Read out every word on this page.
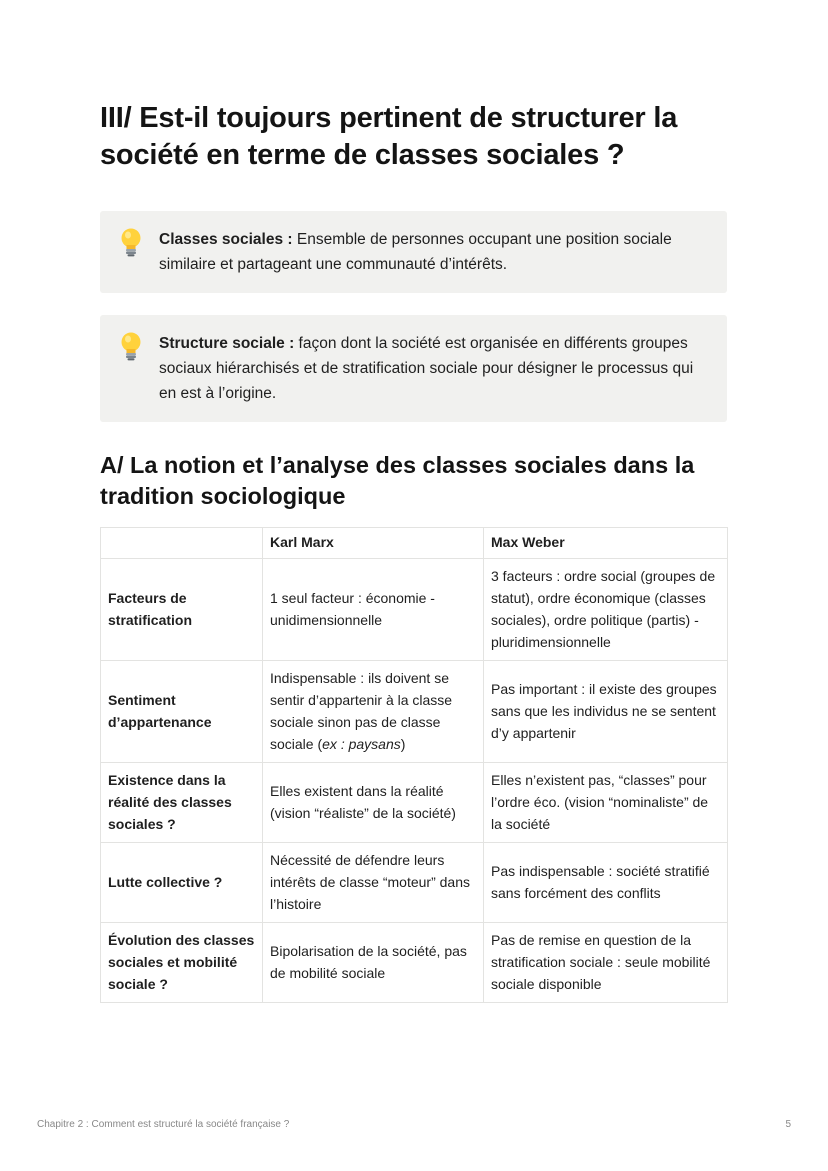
III/ Est-il toujours pertinent de structurer la société en terme de classes sociales ?
Classes sociales : Ensemble de personnes occupant une position sociale similaire et partageant une communauté d’intérêts.
Structure sociale : façon dont la société est organisée en différents groupes sociaux hiérarchisés et de stratification sociale pour désigner le processus qui en est à l’origine.
A/ La notion et l’analyse des classes sociales dans la tradition sociologique
	Karl Marx	Max Weber
Facteurs de stratification	1 seul facteur : économie - unidimensionnelle	3 facteurs : ordre social (groupes de statut), ordre économique (classes sociales), ordre politique (partis) - pluridimensionnelle
Sentiment d’appartenance	Indispensable : ils doivent se sentir d’appartenir à la classe sociale sinon pas de classe sociale (ex : paysans)	Pas important : il existe des groupes sans que les individus ne se sentent d’y appartenir
Existence dans la réalité des classes sociales ?	Elles existent dans la réalité (vision “réaliste” de la société)	Elles n’existent pas, “classes” pour l’ordre éco. (vision “nominaliste” de la société
Lutte collective ?	Nécessité de défendre leurs intérêts de classe “moteur” dans l’histoire	Pas indispensable : société stratifié sans forcément des conflits
Évolution des classes sociales et mobilité sociale ?	Bipolarisation de la société, pas de mobilité sociale	Pas de remise en question de la stratification sociale : seule mobilité sociale disponible
Chapitre 2 : Comment est structuré la société française ?	5
